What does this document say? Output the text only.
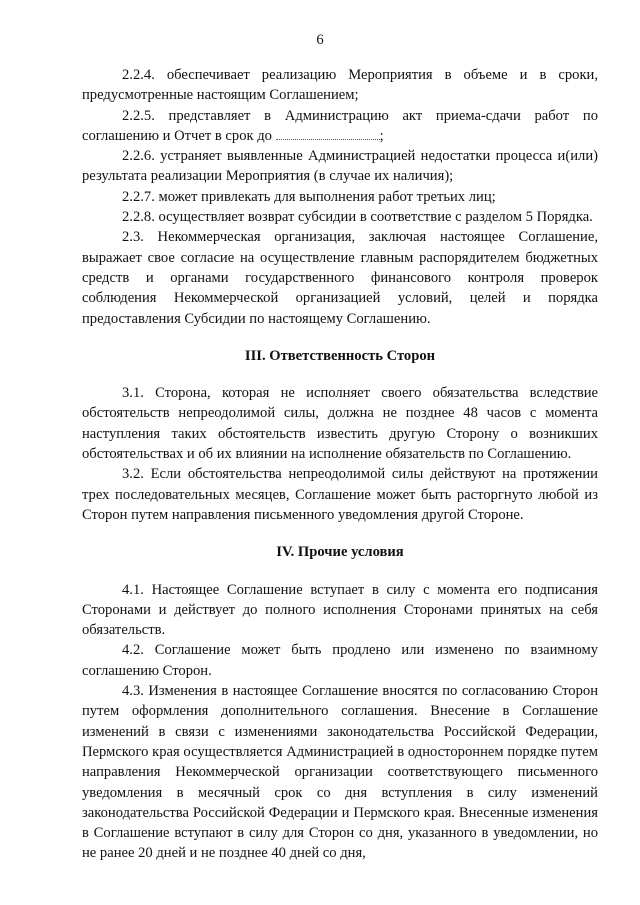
6

2.2.4. обеспечивает реализацию Мероприятия в объеме и в сроки, предусмотренные настоящим Соглашением;

2.2.5. представляет в Администрацию акт приема-сдачи работ по соглашению и Отчет в срок до	;

2.2.6. устраняет выявленные Администрацией недостатки процесса и(или) результата реализации Мероприятия (в случае их наличия);

2.2.7. может привлекать для выполнения работ третьих лиц;

2.2.8. осуществляет возврат субсидии в соответствие с разделом 5 Порядка.

2.3. Некоммерческая организация, заключая настоящее Соглашение, выражает свое согласие на осуществление главным распорядителем бюджетных средств и органами государственного финансового контроля проверок соблюдения Некоммерческой организацией условий, целей и порядка предоставления Субсидии по настоящему Соглашению.

III. Ответственность Сторон

3.1. Сторона, которая не исполняет своего обязательства вследствие обстоятельств непреодолимой силы, должна не позднее 48 часов с момента наступления таких обстоятельств известить другую Сторону о возникших обстоятельствах и об их влиянии на исполнение обязательств по Соглашению.

3.2. Если обстоятельства непреодолимой силы действуют на протяжении трех последовательных месяцев, Соглашение может быть расторгнуто любой из Сторон путем направления письменного уведомления другой Стороне.

IV. Прочие условия

4.1. Настоящее Соглашение вступает в силу с момента его подписания Сторонами и действует до полного исполнения Сторонами принятых на себя обязательств.

4.2. Соглашение может быть продлено или изменено по взаимному соглашению Сторон.

4.3. Изменения в настоящее Соглашение вносятся по согласованию Сторон путем оформления дополнительного соглашения. Внесение в Соглашение изменений в связи с изменениями законодательства Российской Федерации, Пермского края осуществляется Администрацией в одностороннем порядке путем направления Некоммерческой организации соответствующего письменного уведомления в месячный срок со дня вступления в силу изменений законодательства Российской Федерации и Пермского края. Внесенные изменения в Соглашение вступают в силу для Сторон со дня, указанного в уведомлении, но не ранее 20 дней и не позднее 40 дней со дня,
